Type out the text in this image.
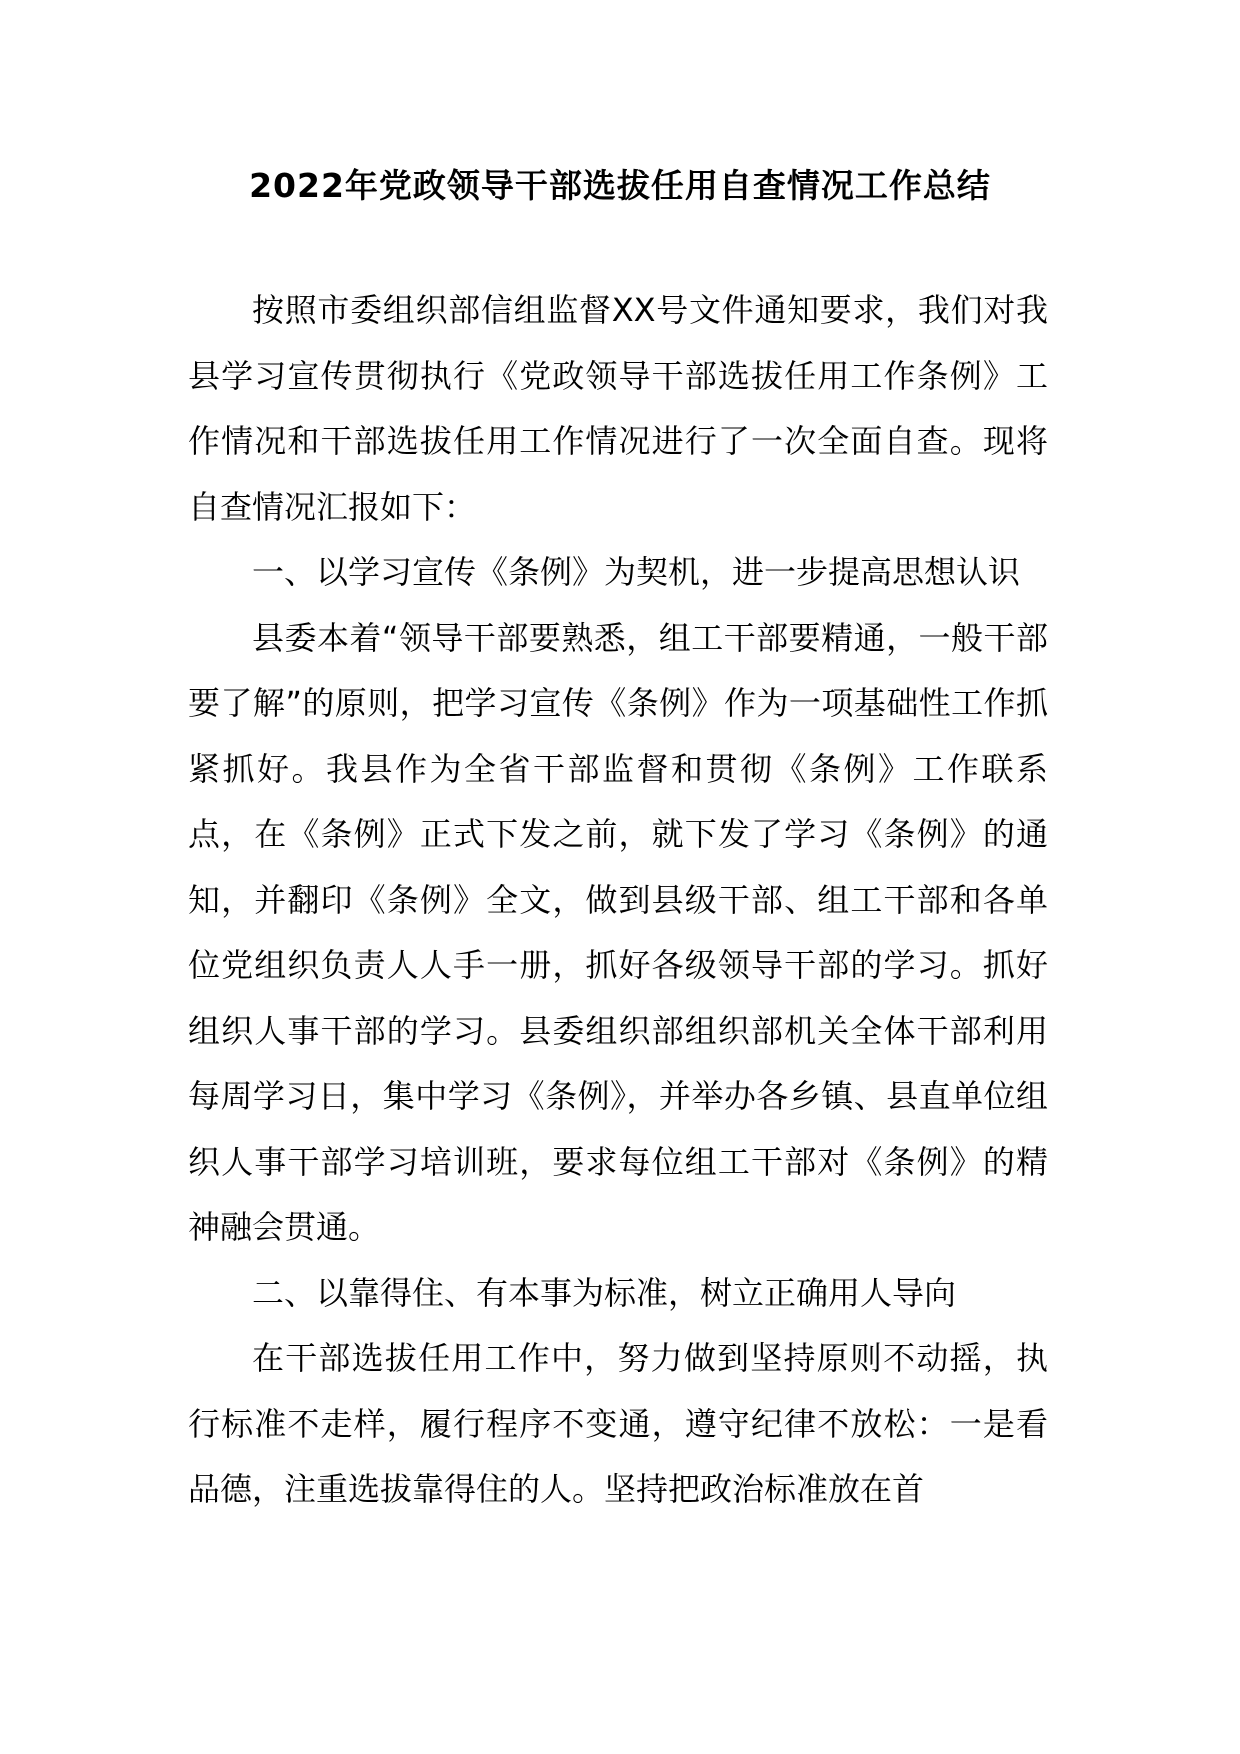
2022年党政领导干部选拔任用自查情况工作总结

按照市委组织部信组监督XX号文件通知要求，我们对我县学习宣传贯彻执行《党政领导干部选拔任用工作条例》工作情况和干部选拔任用工作情况进行了一次全面自查。现将自查情况汇报如下：

一、以学习宣传《条例》为契机，进一步提高思想认识

县委本着“领导干部要熟悉，组工干部要精通，一般干部要了解”的原则，把学习宣传《条例》作为一项基础性工作抓紧抓好。我县作为全省干部监督和贯彻《条例》工作联系点，在《条例》正式下发之前，就下发了学习《条例》的通知，并翻印《条例》全文，做到县级干部、组工干部和各单位党组织负责人人手一册，抓好各级领导干部的学习。抓好组织人事干部的学习。县委组织部组织部机关全体干部利用每周学习日，集中学习《条例》，并举办各乡镇、县直单位组织人事干部学习培训班，要求每位组工干部对《条例》的精神融会贯通。

二、以靠得住、有本事为标准，树立正确用人导向

在干部选拔任用工作中，努力做到坚持原则不动摇，执行标准不走样，履行程序不变通，遵守纪律不放松：一是看品德，注重选拔靠得住的人。坚持把政治标准放在首
